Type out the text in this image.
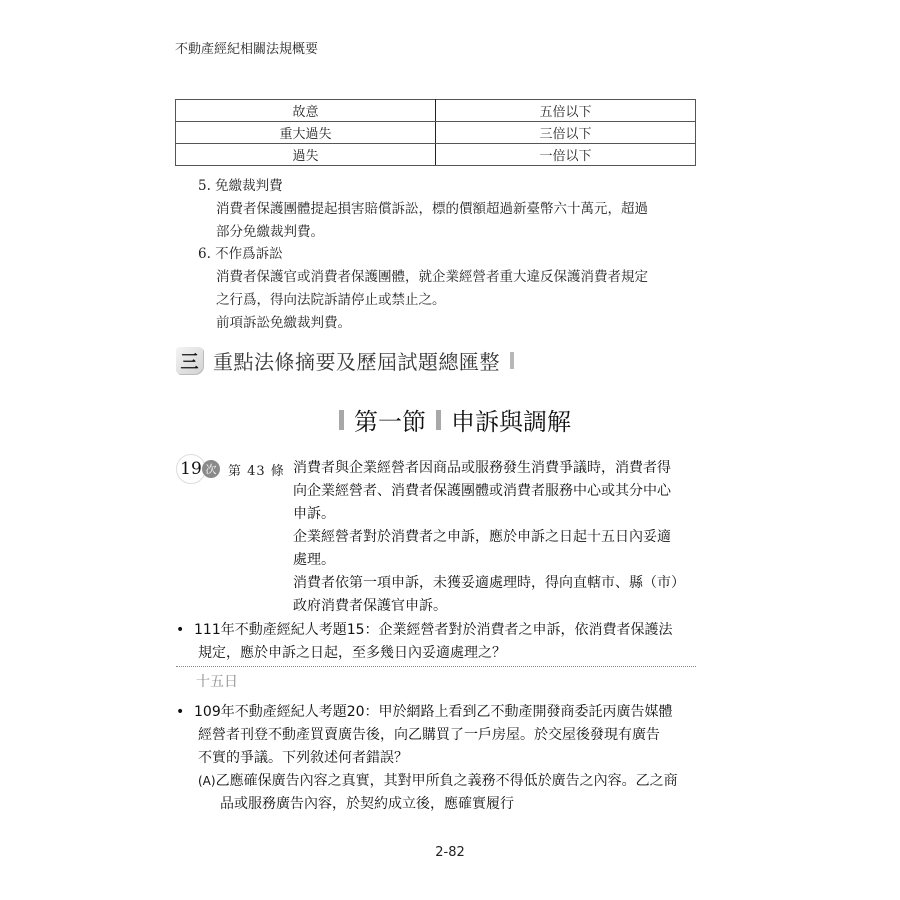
不動產經紀相關法規概要
故意	五倍以下
重大過失	三倍以下
過失	一倍以下
5. 免繳裁判費
消費者保護團體提起損害賠償訴訟，標的價額超過新臺幣六十萬元，超過
部分免繳裁判費。
6. 不作爲訴訟
消費者保護官或消費者保護團體，就企業經營者重大違反保護消費者規定
之行爲，得向法院訴請停止或禁止之。
前項訴訟免繳裁判費。
三 重點法條摘要及歷屆試題總匯整
第一節 申訴與調解
19 次 第 43 條 消費者與企業經營者因商品或服務發生消費爭議時，消費者得

向企業經營者、消費者保護團體或消費者服務中心或其分中心

申訴。

企業經營者對於消費者之申訴，應於申訴之日起十五日內妥適

處理。

消費者依第一項申訴，未獲妥適處理時，得向直轄市、縣（市）

政府消費者保護官申訴。

• 111年不動產經紀人考題15：企業經營者對於消費者之申訴，依消費者保護法
規定，應於申訴之日起，至多幾日內妥適處理之？
十五日
• 109年不動產經紀人考題20：甲於網路上看到乙不動產開發商委託丙廣告媒體
經營者刊登不動產買賣廣告後，向乙購買了一戶房屋。於交屋後發現有廣告
不實的爭議。下列敘述何者錯誤？
(A)乙應確保廣告內容之真實，其對甲所負之義務不得低於廣告之內容。乙之商
品或服務廣告內容，於契約成立後，應確實履行
2-82
